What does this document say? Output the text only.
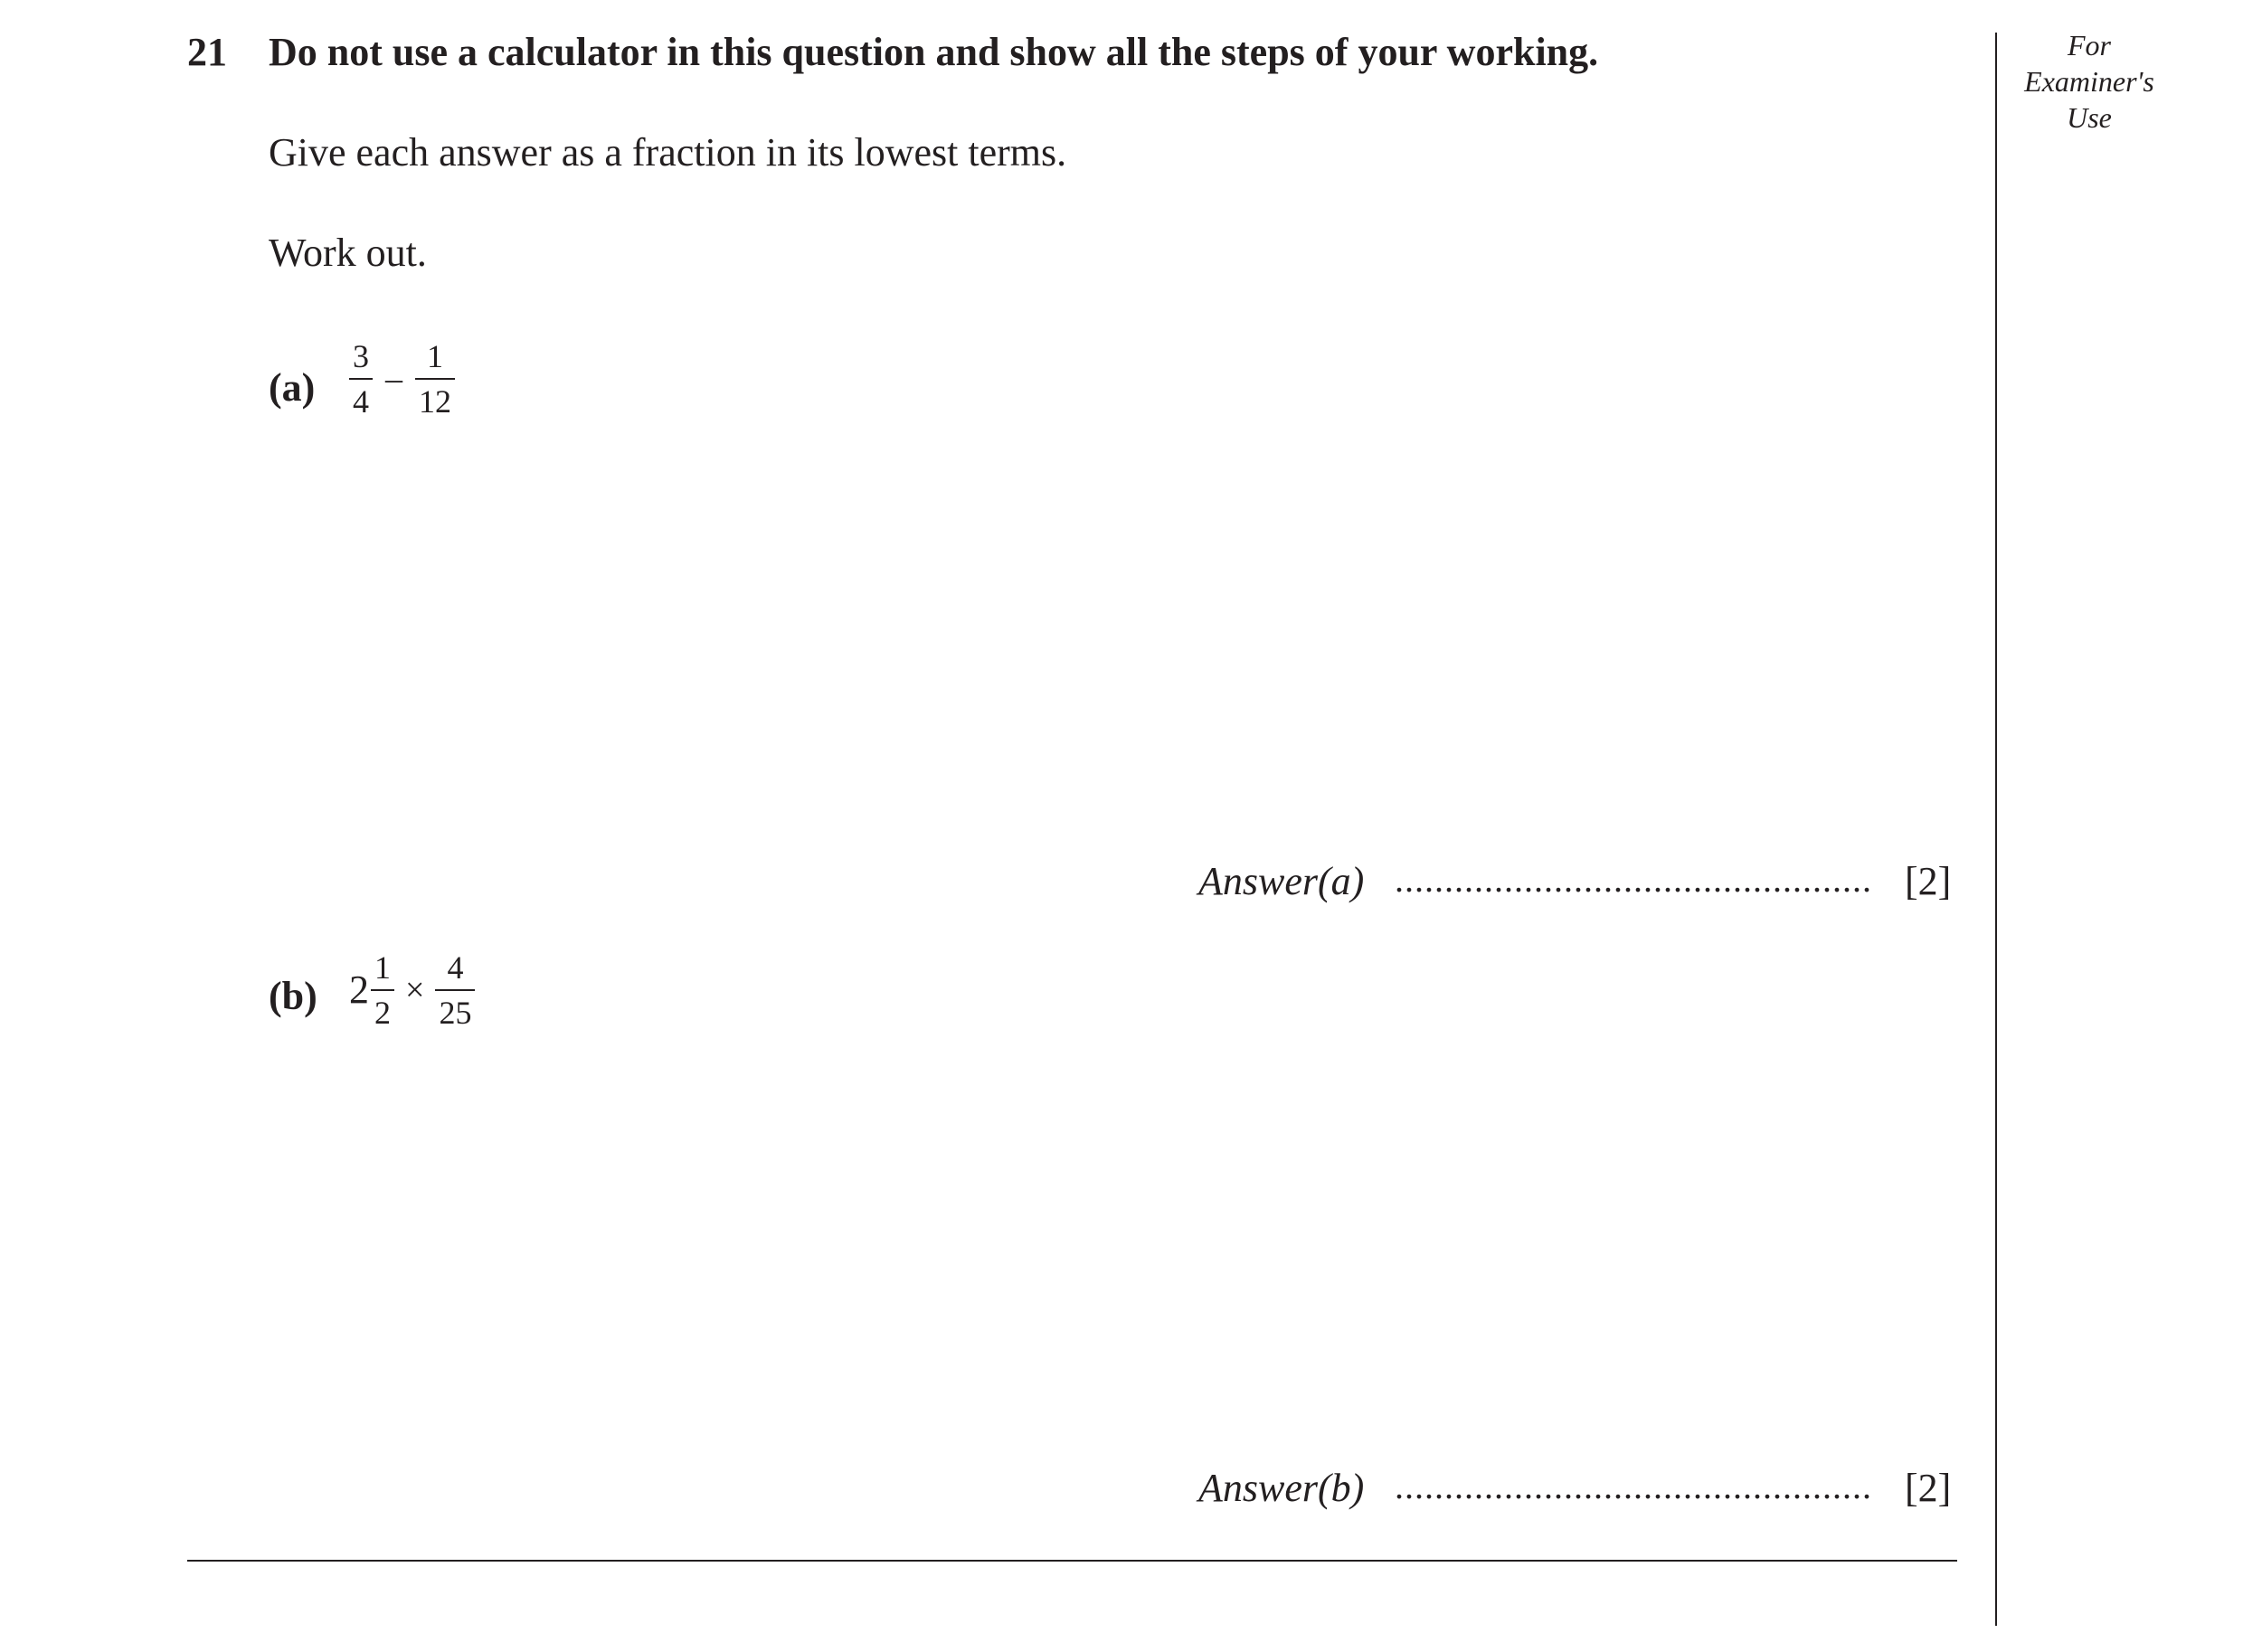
21 Do not use a calculator in this question and show all the steps of your working.
Give each answer as a fraction in its lowest terms.
Work out.
$(a) \frac{3}{4} - \frac{1}{12}$
Answer(a) ................................................ [2]
(b) $2 \frac{1}{2} \times \frac{4}{25}$
Answer(b) ................................................ [2]
For
Examiner's
Use
